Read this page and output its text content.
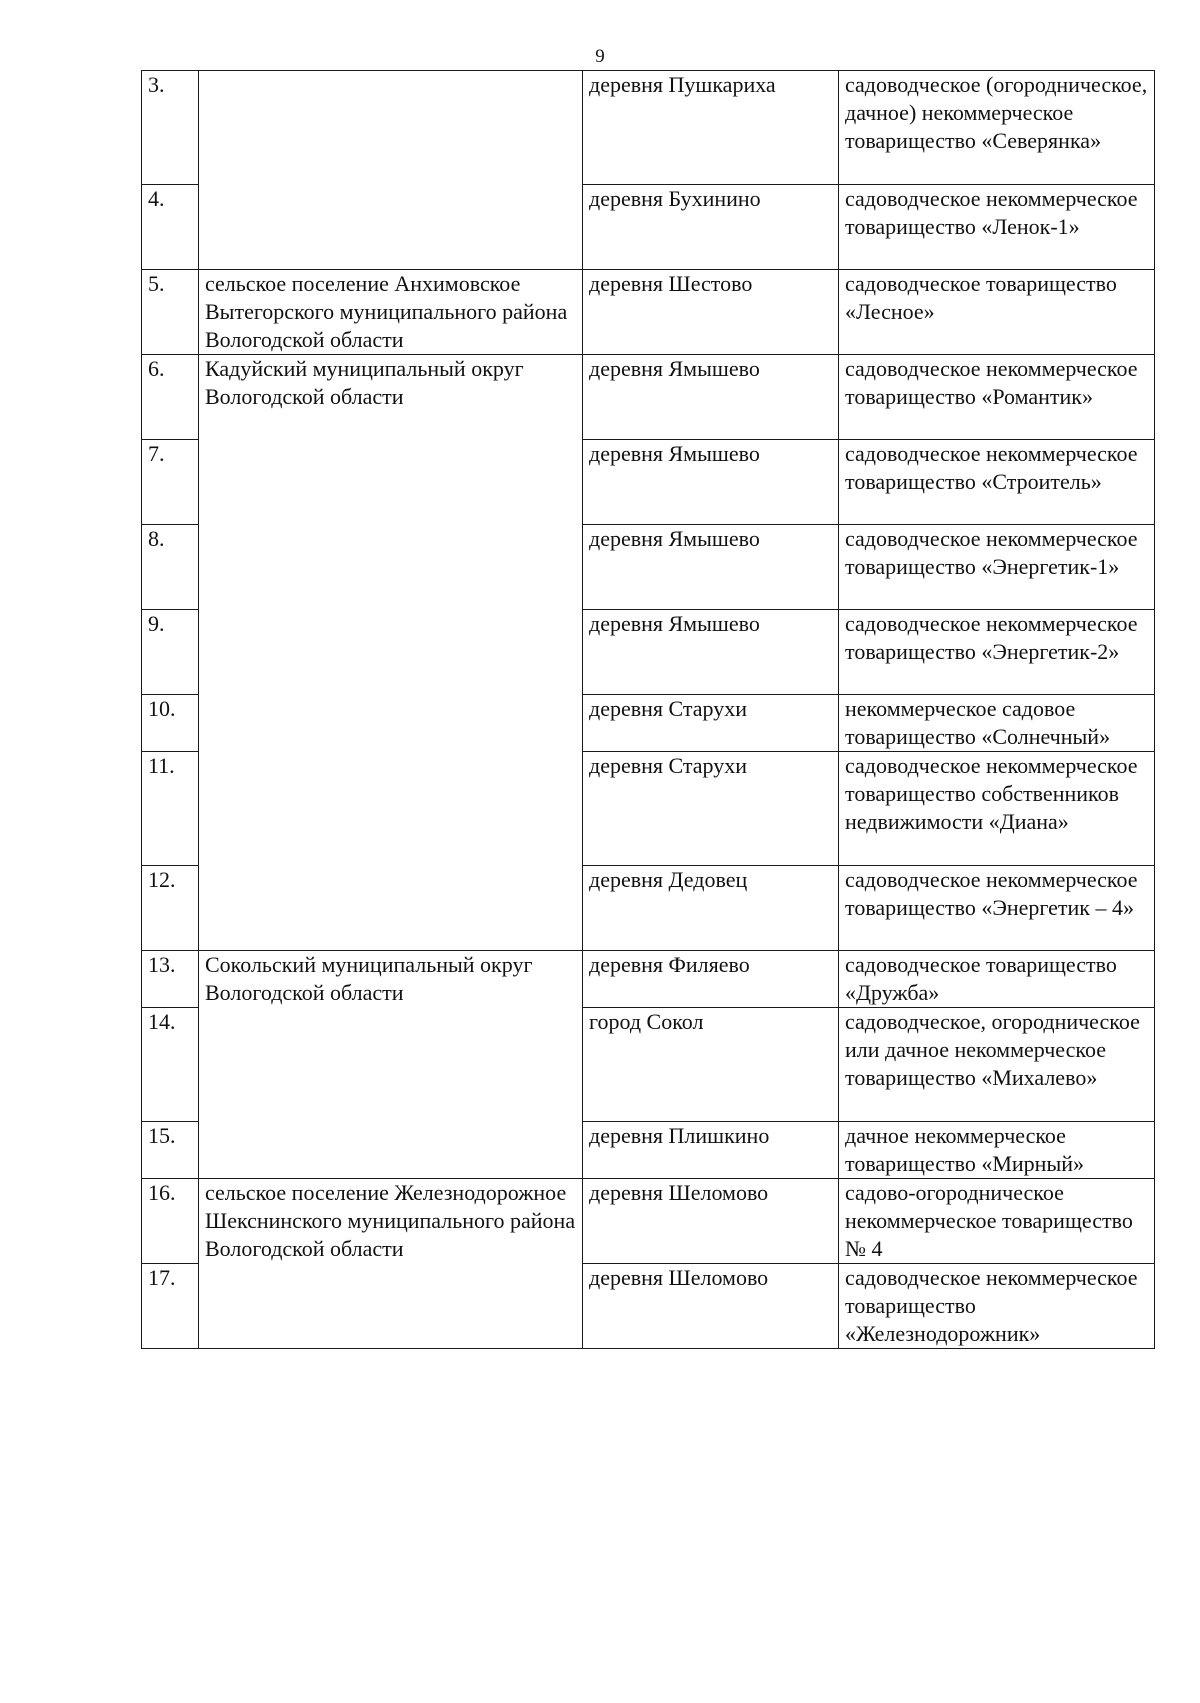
9
3.		деревня Пушкариха	садоводческое (огородническое, дачное) некоммерческое товарищество «Северянка»
4.		деревня Бухинино	садоводческое некоммерческое товарищество «Ленок-1»
5.	сельское поселение Анхимовское Вытегорского муниципального района Вологодской области	деревня Шестово	садоводческое товарищество «Лесное»
6.	Кадуйский муниципальный округ Вологодской области	деревня Ямышево	садоводческое некоммерческое товарищество «Романтик»
7.		деревня Ямышево	садоводческое некоммерческое товарищество «Строитель»
8.		деревня Ямышево	садоводческое некоммерческое товарищество «Энергетик-1»
9.		деревня Ямышево	садоводческое некоммерческое товарищество «Энергетик-2»
10.		деревня Старухи	некоммерческое садовое товарищество «Солнечный»
11.		деревня Старухи	садоводческое некоммерческое товарищество собственников недвижимости «Диана»
12.		деревня Дедовец	садоводческое некоммерческое товарищество «Энергетик – 4»
13.	Сокольский муниципальный округ Вологодской области	деревня Филяево	садоводческое товарищество «Дружба»
14.		город Сокол	садоводческое, огородническое или дачное некоммерческое товарищество «Михалево»
15.		деревня Плишкино	дачное некоммерческое товарищество «Мирный»
16.	сельское поселение Железнодорожное Шекснинского муниципального района Вологодской области	деревня Шеломово	садово-огородническое некоммерческое товарищество № 4
17.		деревня Шеломово	садоводческое некоммерческое товарищество «Железнодорожник»
